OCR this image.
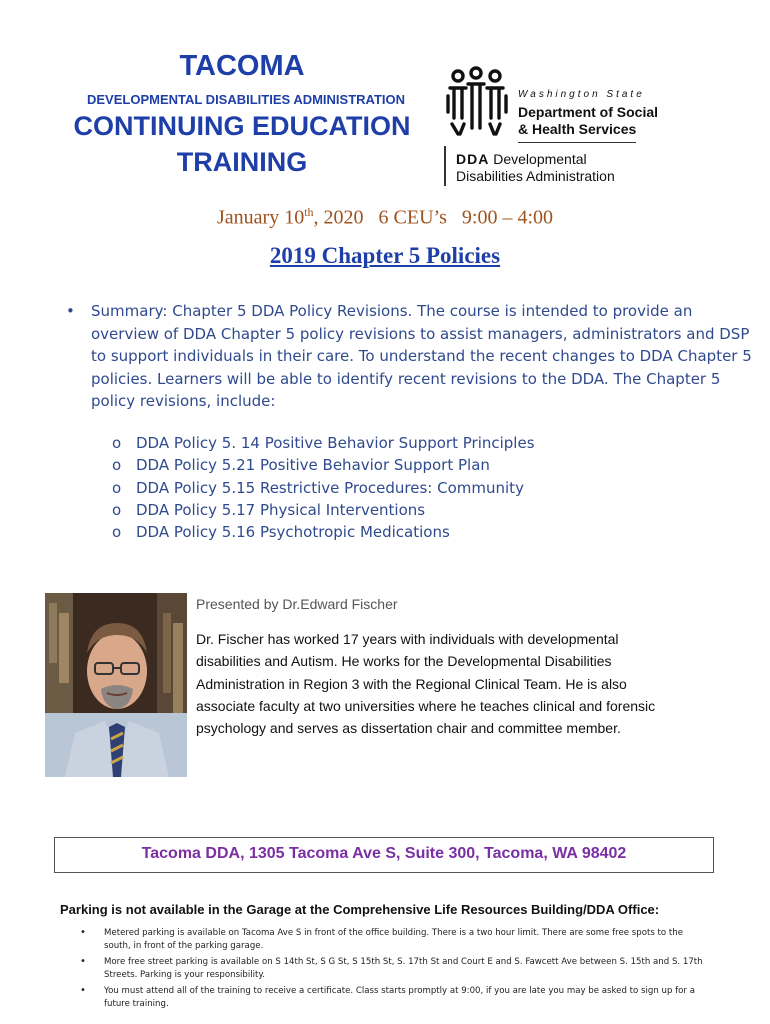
TACOMA
DEVELOPMENTAL DISABILITIES ADMINISTRATION
CONTINUING EDUCATION
TRAINING
Washington State
Department of Social
& Health Services
DDA Developmental
Disabilities Administration
January 10th, 2020   6 CEU’s   9:00 – 4:00
2019 Chapter 5 Policies
• Summary: Chapter 5 DDA Policy Revisions. The course is intended to provide an overview of DDA Chapter 5 policy revisions to assist managers, administrators and DSP to support individuals in their care. To understand the recent changes to DDA Chapter 5 policies. Learners will be able to identify recent revisions to the DDA. The Chapter 5 policy revisions, include:
o DDA Policy 5. 14 Positive Behavior Support Principles
o DDA Policy 5.21 Positive Behavior Support Plan
o DDA Policy 5.15 Restrictive Procedures: Community
o DDA Policy 5.17 Physical Interventions
o DDA Policy 5.16 Psychotropic Medications
Presented by Dr.Edward Fischer
Dr. Fischer has worked 17 years with individuals with developmental disabilities and Autism. He works for the Developmental Disabilities Administration in Region 3 with the Regional Clinical Team. He is also associate faculty at two universities where he teaches clinical and forensic psychology and serves as dissertation chair and committee member.
Tacoma DDA, 1305 Tacoma Ave S, Suite 300, Tacoma, WA 98402
Parking is not available in the Garage at the Comprehensive Life Resources Building/DDA Office:
• Metered parking is available on Tacoma Ave S in front of the office building. There is a two hour limit. There are some free spots to the south, in front of the parking garage.
• More free street parking is available on S 14th St, S G St, S 15th St, S. 17th St and Court E and S. Fawcett Ave between S. 15th and S. 17th Streets. Parking is your responsibility.
• You must attend all of the training to receive a certificate. Class starts promptly at 9:00, if you are late you may be asked to sign up for a future training.
